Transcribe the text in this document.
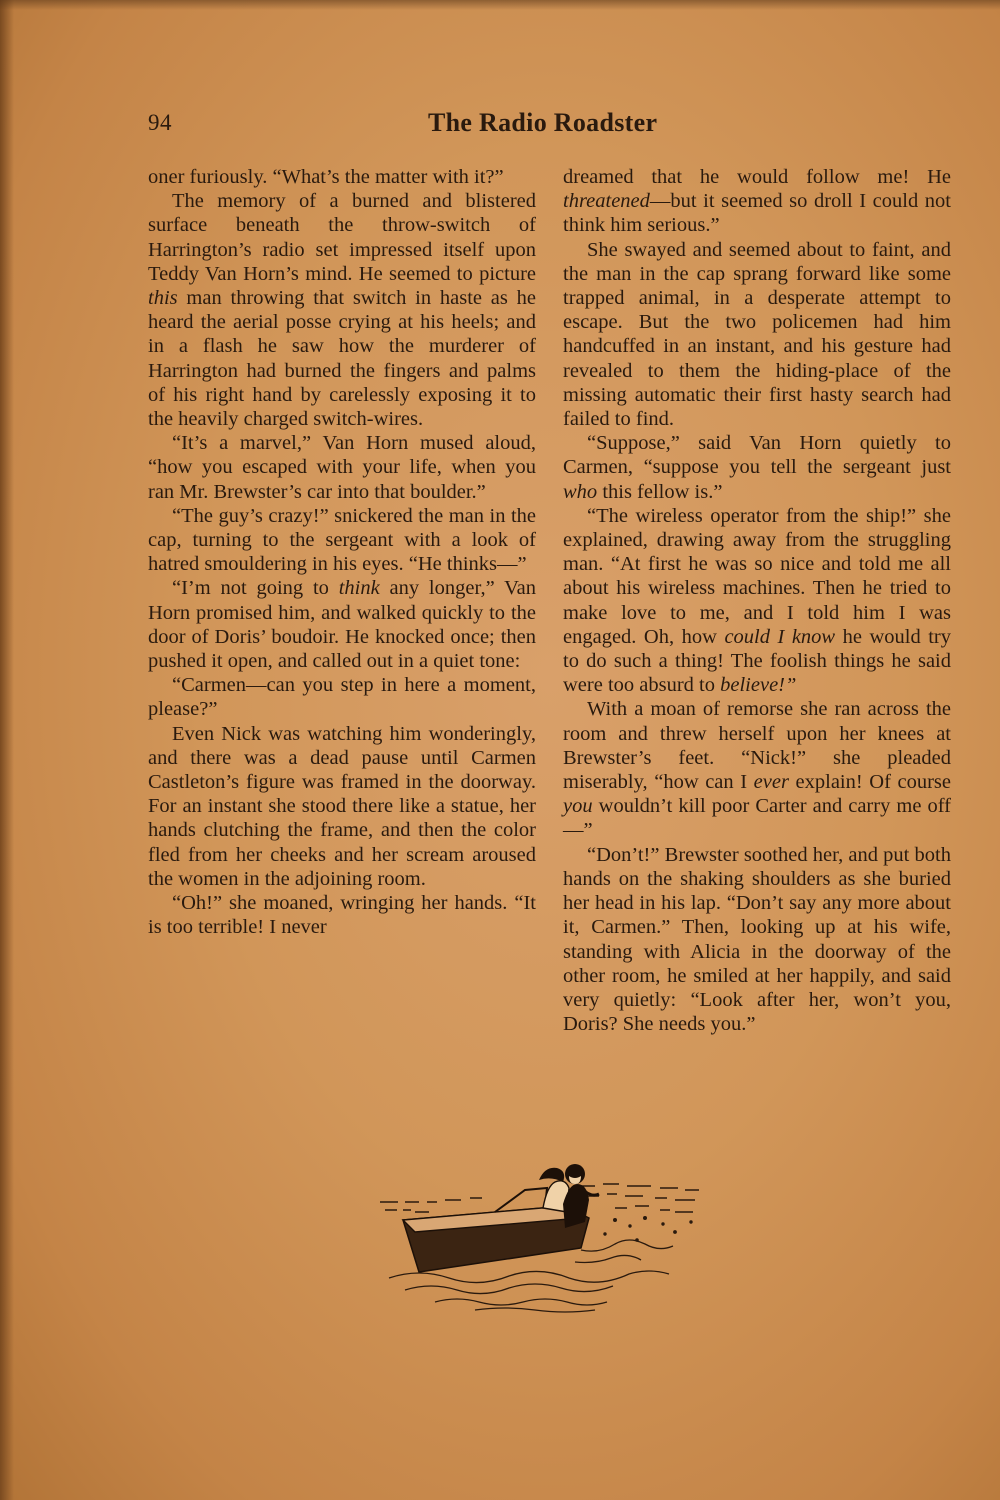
94	The Radio Roadster

oner furiously. “What’s the matter with it?”

The memory of a burned and blistered surface beneath the throw-switch of Harrington’s radio set impressed itself upon Teddy Van Horn’s mind. He seemed to picture this man throwing that switch in haste as he heard the aerial posse crying at his heels; and in a flash he saw how the murderer of Harrington had burned the fingers and palms of his right hand by carelessly exposing it to the heavily charged switch-wires.

“It’s a marvel,” Van Horn mused aloud, “how you escaped with your life, when you ran Mr. Brewster’s car into that boulder.”

“The guy’s crazy!” snickered the man in the cap, turning to the sergeant with a look of hatred smouldering in his eyes. “He thinks—”

“I’m not going to think any longer,” Van Horn promised him, and walked quickly to the door of Doris’ boudoir. He knocked once; then pushed it open, and called out in a quiet tone:

“Carmen—can you step in here a moment, please?”

Even Nick was watching him wonderingly, and there was a dead pause until Carmen Castleton’s figure was framed in the doorway. For an instant she stood there like a statue, her hands clutching the frame, and then the color fled from her cheeks and her scream aroused the women in the adjoining room.

“Oh!” she moaned, wringing her hands. “It is too terrible! I never

dreamed that he would follow me! He threatened—but it seemed so droll I could not think him serious.”

She swayed and seemed about to faint, and the man in the cap sprang forward like some trapped animal, in a desperate attempt to escape. But the two policemen had him handcuffed in an instant, and his gesture had revealed to them the hiding-place of the missing automatic their first hasty search had failed to find.

“Suppose,” said Van Horn quietly to Carmen, “suppose you tell the sergeant just who this fellow is.”

“The wireless operator from the ship!” she explained, drawing away from the struggling man. “At first he was so nice and told me all about his wireless machines. Then he tried to make love to me, and I told him I was engaged. Oh, how could I know he would try to do such a thing! The foolish things he said were too absurd to believe!”

With a moan of remorse she ran across the room and threw herself upon her knees at Brewster’s feet. “Nick!” she pleaded miserably, “how can I ever explain! Of course you wouldn’t kill poor Carter and carry me off—”

“Don’t!” Brewster soothed her, and put both hands on the shaking shoulders as she buried her head in his lap. “Don’t say any more about it, Carmen.” Then, looking up at his wife, standing with Alicia in the doorway of the other room, he smiled at her happily, and said very quietly: “Look after her, won’t you, Doris? She needs you.”
